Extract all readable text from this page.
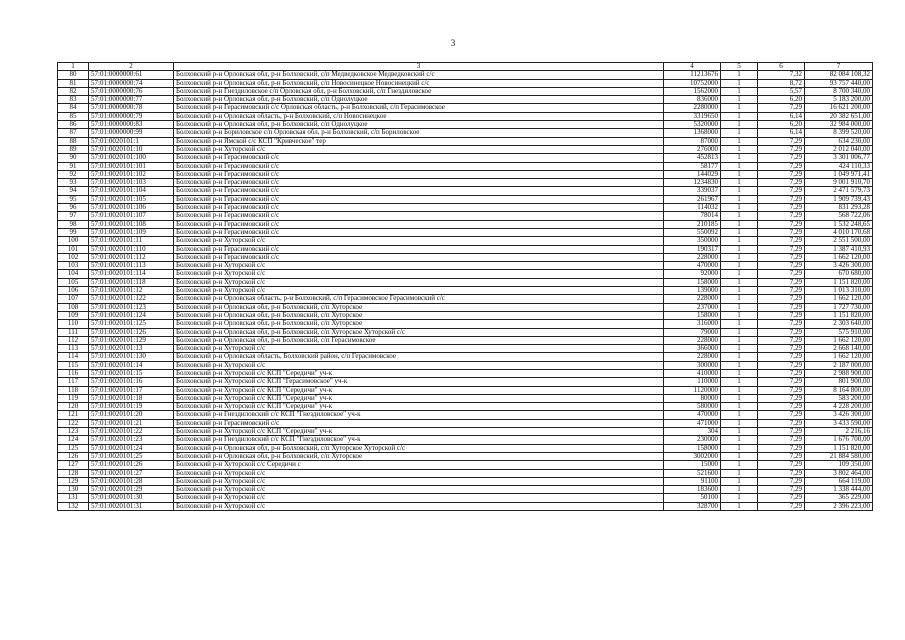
3
1	2	3	4	5	6	7
80	57:01:0000000:61	Болховский р-н Орловская обл, р-н Болховский, с/п Медведковское Медведковский с/с	11213676	1	7,32	82 084 108,32
81	57:01:0000000:74	Болховский р-н Орловская обл, р-н Болховский, с/п Новосинецкое Новосинецкий с/с	10752000	1	8,72	93 757 440,00
82	57:01:0000000:76	Болховский р-н Гнездиловское с/п Орловская обл, р-н Болховский, с/п Гнездиловское	1562000	1	5,57	8 700 340,00
83	57:01:0000000:77	Болховский р-н Орловская обл, р-н Болховский, с/п Однолуцкое	836000	1	6,20	5 183 200,00
84	57:01:0000000:78	Болховский р-н Герасимовский с/с Орловская область, р-н Болховский, с/п Герасимовское	2280000	1	7,29	16 621 200,00
85	57:01:0000000:79	Болховский р-н Орловская область, р-н Болховский, с/п Новосинецкое	3319650	1	6,14	20 382 651,00
86	57:01:0000000:83	Болховский р-н Орловская обл, р-н Болховский, с/п Однолуцкое	5320000	1	6,20	32 984 000,00
87	57:01:0000000:99	Болховский р-н Бориловское с/п Орловская обл, р-н Болховский, с/п Бориловское	1368000	1	6,14	8 399 520,00
88	57:01:0020101:1	Болховский р-н Ямской с/с КСП "Кривческое" тер	87000	1	7,29	634 230,00
89	57:01:0020101:10	Болховский р-н Хуторской с/с	276000	1	7,29	2 012 040,00
90	57:01:0020101:100	Болховский р-н Герасимовский с/с	452813	1	7,29	3 301 006,77
91	57:01:0020101:101	Болховский р-н Герасимовский с/с	58177	1	7,29	424 110,33
92	57:01:0020101:102	Болховский р-н Герасимовский с/с	144029	1	7,29	1 049 971,41
93	57:01:0020101:103	Болховский р-н Герасимовский с/с	1234830	1	7,29	9 001 910,70
94	57:01:0020101:104	Болховский р-н Герасимовский с/с	339037	1	7,29	2 471 579,73
95	57:01:0020101:105	Болховский р-н Герасимовский с/с	261967	1	7,29	1 909 739,43
96	57:01:0020101:106	Болховский р-н Герасимовский с/с	114032	1	7,29	831 293,28
97	57:01:0020101:107	Болховский р-н Герасимовский с/с	78014	1	7,29	568 722,06
98	57:01:0020101:108	Болховский р-н Герасимовский с/с	210185	1	7,29	1 532 248,65
99	57:01:0020101:109	Болховский р-н Герасимовский с/с	550092	1	7,29	4 010 170,68
100	57:01:0020101:11	Болховский р-н Хуторской с/с	350000	1	7,29	2 551 500,00
101	57:01:0020101:110	Болховский р-н Герасимовский с/с	190317	1	7,29	1 387 410,93
102	57:01:0020101:112	Болховский р-н Герасимовский с/с	228000	1	7,29	1 662 120,00
103	57:01:0020101:113	Болховский р-н Хуторской с/с	470000	1	7,29	3 426 300,00
104	57:01:0020101:114	Болховский р-н Хуторской с/с	92000	1	7,29	670 680,00
105	57:01:0020101:118	Болховский р-н Хуторской с/с	158000	1	7,29	1 151 820,00
106	57:01:0020101:12	Болховский р-н Хуторской с/с	139000	1	7,29	1 013 310,00
107	57:01:0020101:122	Болховский р-н Орловская область, р-н Болховский, с/п Герасимовское Герасимовский с/с	228000	1	7,29	1 662 120,00
108	57:01:0020101:123	Болховский р-н Орловская обл, р-н Болховский, с/п Хуторское	237000	1	7,29	1 727 730,00
109	57:01:0020101:124	Болховский р-н Орловская обл, р-н Болховский, с/п Хуторское	158000	1	7,29	1 151 820,00
110	57:01:0020101:125	Болховский р-н Орловская обл, р-н Болховский, с/п Хуторское	316000	1	7,29	2 303 640,00
111	57:01:0020101:126	Болховский р-н Орловская обл, р-н Болховский, с/п Хуторское Хуторской с/с	79000	1	7,29	575 910,00
112	57:01:0020101:129	Болховский р-н Орловская обл, р-н Болховский, с/п Герасимовское	228000	1	7,29	1 662 120,00
113	57:01:0020101:13	Болховский р-н Хуторской с/с	366000	1	7,29	2 668 140,00
114	57:01:0020101:130	Болховский р-н Орловская область, Болховский район, с/п Герасимовское	228000	1	7,29	1 662 120,00
115	57:01:0020101:14	Болховский р-н Хуторской с/с	300000	1	7,29	2 187 000,00
116	57:01:0020101:15	Болховский р-н Хуторской с/с КСП "Середичи" уч-к	410000	1	7,29	2 988 900,00
117	57:01:0020101:16	Болховский р-н Хуторской с/с КСП "Герасимовское" уч-к	110000	1	7,29	801 900,00
118	57:01:0020101:17	Болховский р-н Хуторской с/с КСП "Середичи" уч-к	1120000	1	7,29	8 164 800,00
119	57:01:0020101:18	Болховский р-н Хуторской с/с КСП "Середичи" уч-к	80000	1	7,29	583 200,00
120	57:01:0020101:19	Болховский р-н Хуторской с/с КСП "Середичи" уч-к	580000	1	7,29	4 228 200,00
121	57:01:0020101:20	Болховский р-н Гнездиловский с/с КСП "Гнездиловское" уч-к	470000	1	7,29	3 426 300,00
122	57:01:0020101:21	Болховский р-н Герасимовский с/с	471000	1	7,29	3 433 590,00
123	57:01:0020101:22	Болховский р-н Хуторской с/с КСП "Середичи" уч-к	304	1	7,29	2 216,16
124	57:01:0020101:23	Болховский р-н Гнездиловский с/с КСП "Гнездиловское" уч-к	230000	1	7,29	1 676 700,00
125	57:01:0020101:24	Болховский р-н Орловская обл, р-н Болховский, с/п Хуторское Хуторской с/с	158000	1	7,29	1 151 820,00
126	57:01:0020101:25	Болховский р-н Орловская обл, р-н Болховский, с/п Хуторское	3002000	1	7,29	21 884 580,00
127	57:01:0020101:26	Болховский р-н Хуторской с/с Середичи с	15000	1	7,29	109 350,00
128	57:01:0020101:27	Болховский р-н Хуторской с/с	521600	1	7,29	3 802 464,00
129	57:01:0020101:28	Болховский р-н Хуторской с/с	91100	1	7,29	664 119,00
130	57:01:0020101:29	Болховский р-н Хуторской с/с	183600	1	7,29	1 338 444,00
131	57:01:0020101:30	Болховский р-н Хуторской с/с	50100	1	7,29	365 229,00
132	57:01:0020101:31	Болховский р-н Хуторской с/с	328700	1	7,29	2 396 223,00
